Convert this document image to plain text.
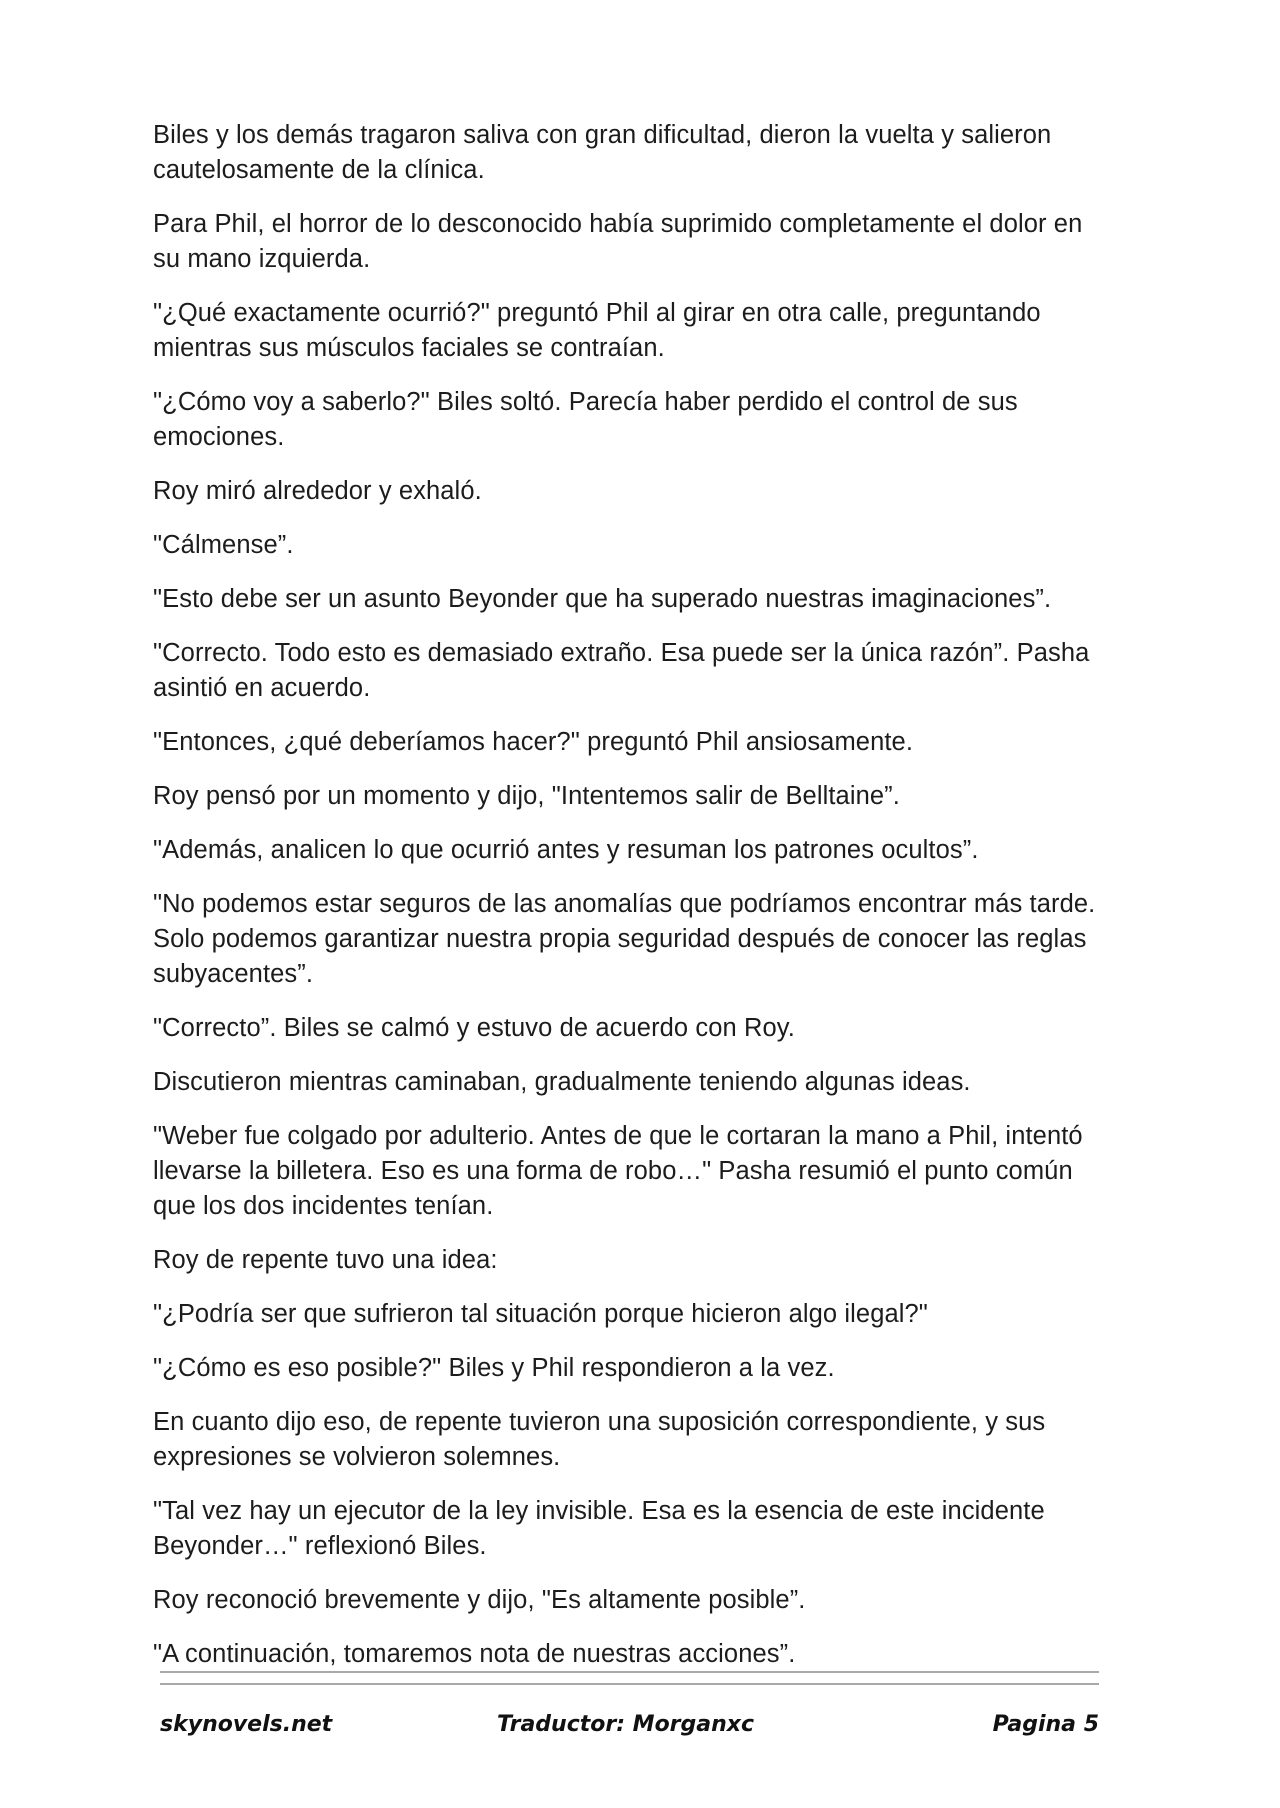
Biles y los demás tragaron saliva con gran dificultad, dieron la vuelta y salieron cautelosamente de la clínica.

Para Phil, el horror de lo desconocido había suprimido completamente el dolor en su mano izquierda.

"¿Qué exactamente ocurrió?" preguntó Phil al girar en otra calle, preguntando mientras sus músculos faciales se contraían.

"¿Cómo voy a saberlo?" Biles soltó. Parecía haber perdido el control de sus emociones.

Roy miró alrededor y exhaló.

"Cálmense”.

"Esto debe ser un asunto Beyonder que ha superado nuestras imaginaciones”.

"Correcto. Todo esto es demasiado extraño. Esa puede ser la única razón”. Pasha asintió en acuerdo.

"Entonces, ¿qué deberíamos hacer?" preguntó Phil ansiosamente.

Roy pensó por un momento y dijo, "Intentemos salir de Belltaine”.

"Además, analicen lo que ocurrió antes y resuman los patrones ocultos”.

"No podemos estar seguros de las anomalías que podríamos encontrar más tarde. Solo podemos garantizar nuestra propia seguridad después de conocer las reglas subyacentes”.

"Correcto”. Biles se calmó y estuvo de acuerdo con Roy.

Discutieron mientras caminaban, gradualmente teniendo algunas ideas.

"Weber fue colgado por adulterio. Antes de que le cortaran la mano a Phil, intentó llevarse la billetera. Eso es una forma de robo…" Pasha resumió el punto común que los dos incidentes tenían.

Roy de repente tuvo una idea:

"¿Podría ser que sufrieron tal situación porque hicieron algo ilegal?"

"¿Cómo es eso posible?" Biles y Phil respondieron a la vez.

En cuanto dijo eso, de repente tuvieron una suposición correspondiente, y sus expresiones se volvieron solemnes.

"Tal vez hay un ejecutor de la ley invisible. Esa es la esencia de este incidente Beyonder…" reflexionó Biles.

Roy reconoció brevemente y dijo, "Es altamente posible”.

"A continuación, tomaremos nota de nuestras acciones”.

skynovels.net	Traductor: Morganxc	Pagina 5
